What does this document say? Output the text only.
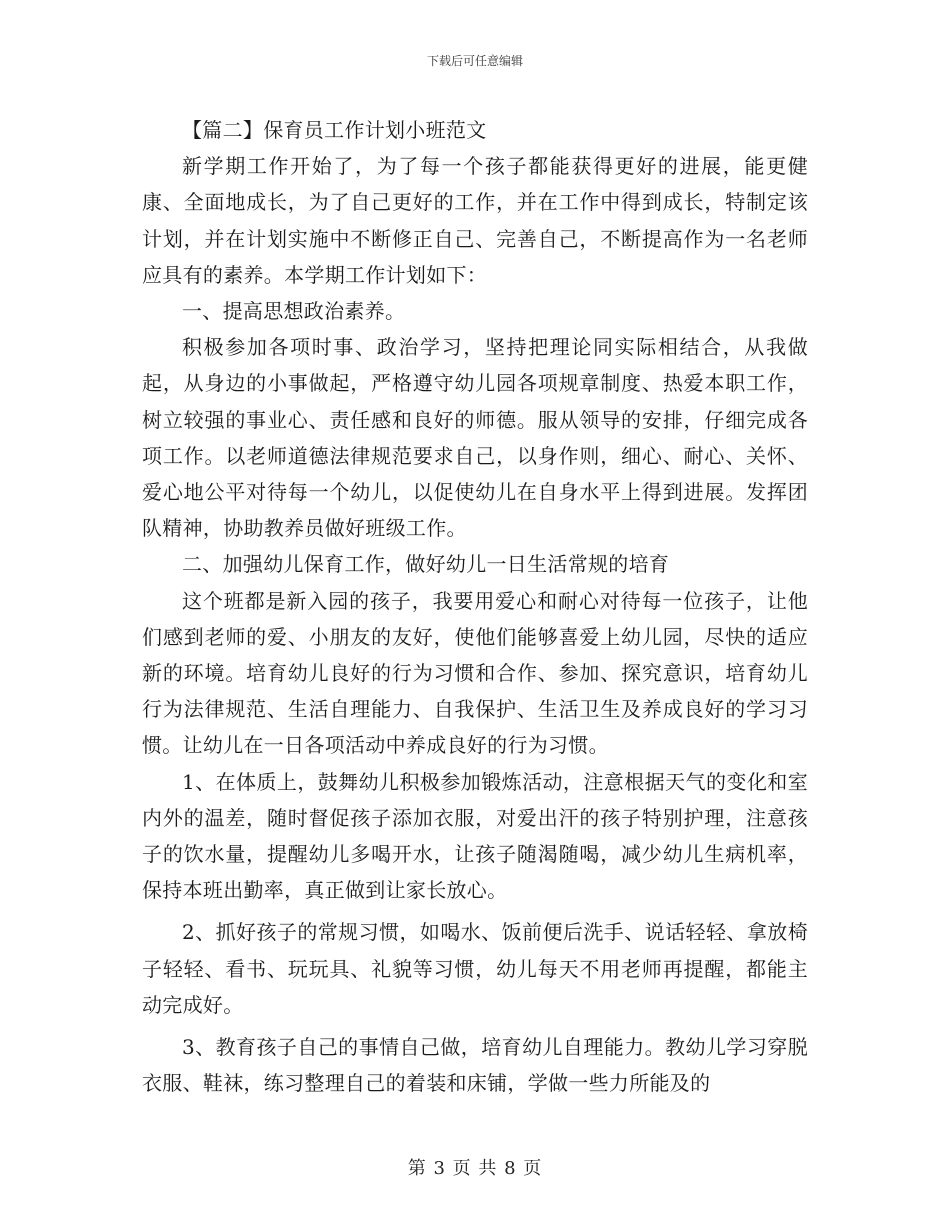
下载后可任意编辑

【篇二】保育员工作计划小班范文

新学期工作开始了，为了每一个孩子都能获得更好的进展，能更健康、全面地成长，为了自己更好的工作，并在工作中得到成长，特制定该计划，并在计划实施中不断修正自己、完善自己，不断提高作为一名老师应具有的素养。本学期工作计划如下：

一、提高思想政治素养。

积极参加各项时事、政治学习，坚持把理论同实际相结合，从我做起，从身边的小事做起，严格遵守幼儿园各项规章制度、热爱本职工作，树立较强的事业心、责任感和良好的师德。服从领导的安排，仔细完成各项工作。以老师道德法律规范要求自己，以身作则，细心、耐心、关怀、爱心地公平对待每一个幼儿，以促使幼儿在自身水平上得到进展。发挥团队精神，协助教养员做好班级工作。

二、加强幼儿保育工作，做好幼儿一日生活常规的培育

这个班都是新入园的孩子，我要用爱心和耐心对待每一位孩子，让他们感到老师的爱、小朋友的友好，使他们能够喜爱上幼儿园，尽快的适应新的环境。培育幼儿良好的行为习惯和合作、参加、探究意识，培育幼儿行为法律规范、生活自理能力、自我保护、生活卫生及养成良好的学习习惯。让幼儿在一日各项活动中养成良好的行为习惯。

1、在体质上，鼓舞幼儿积极参加锻炼活动，注意根据天气的变化和室内外的温差，随时督促孩子添加衣服，对爱出汗的孩子特别护理，注意孩子的饮水量，提醒幼儿多喝开水，让孩子随渴随喝，减少幼儿生病机率，保持本班出勤率，真正做到让家长放心。

2、抓好孩子的常规习惯，如喝水、饭前便后洗手、说话轻轻、拿放椅子轻轻、看书、玩玩具、礼貌等习惯，幼儿每天不用老师再提醒，都能主动完成好。

3、教育孩子自己的事情自己做，培育幼儿自理能力。教幼儿学习穿脱衣服、鞋袜，练习整理自己的着装和床铺，学做一些力所能及的

第 3 页 共 8 页
